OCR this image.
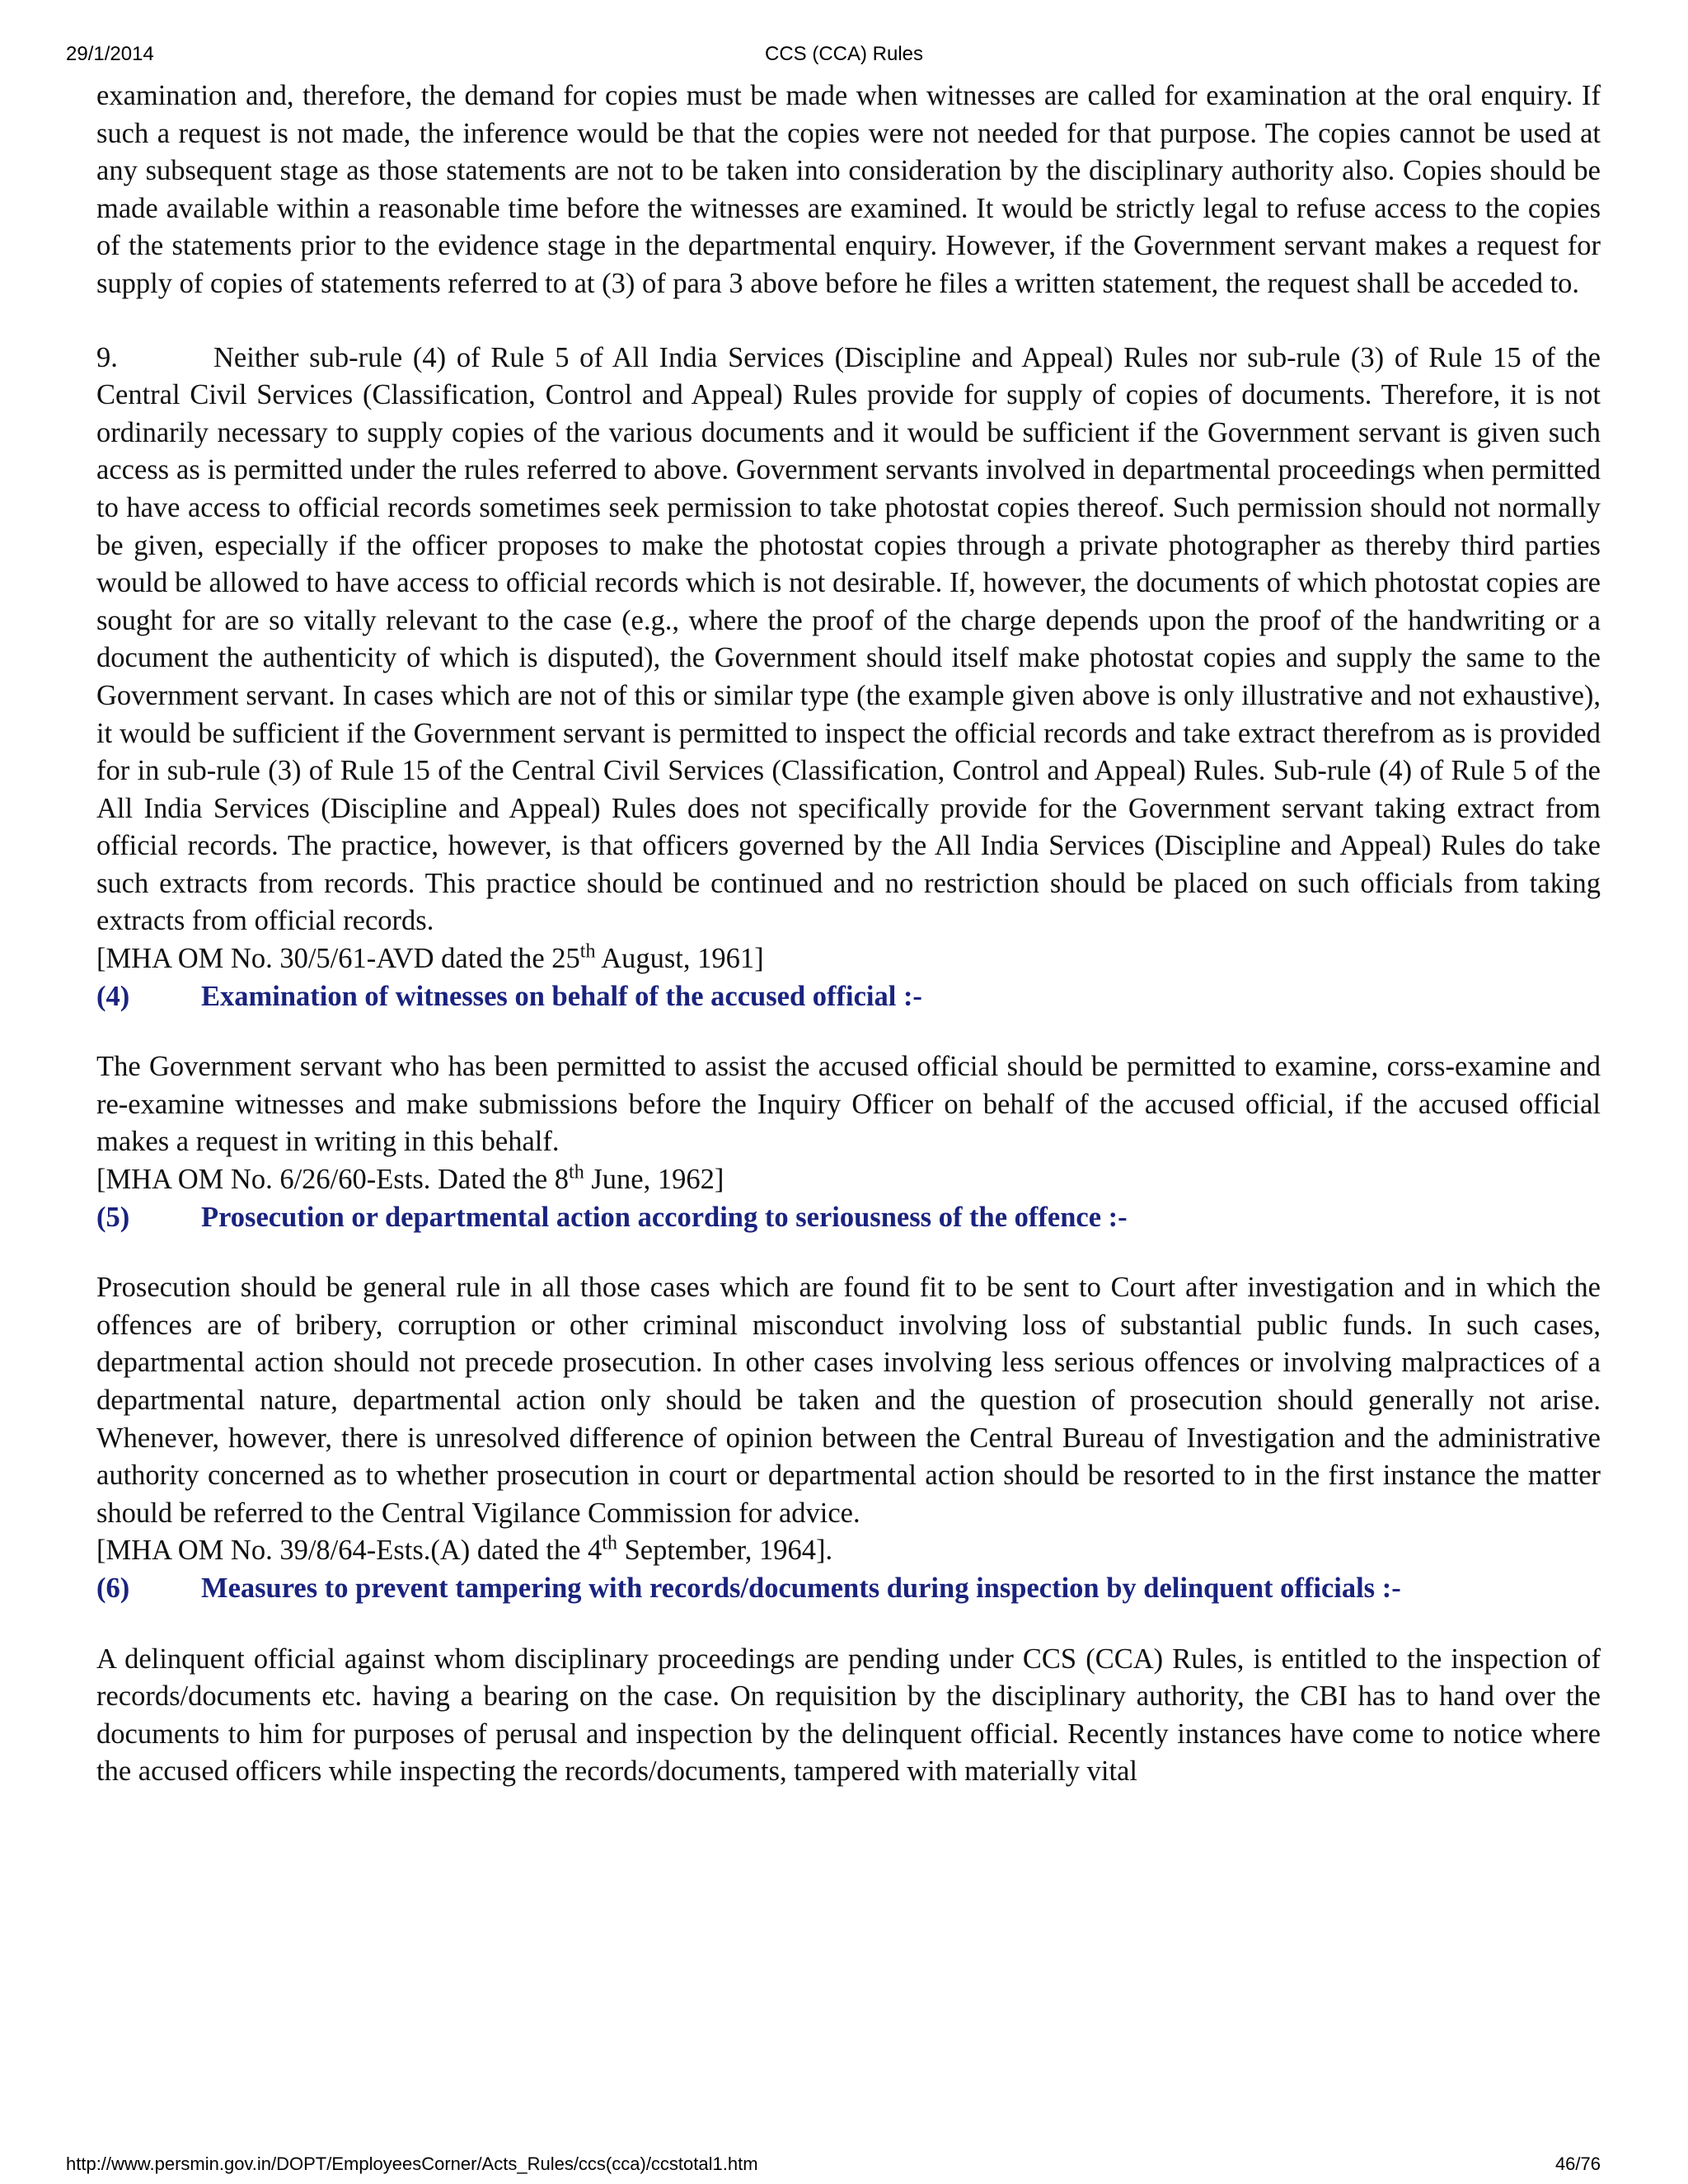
29/1/2014	CCS (CCA) Rules

examination and, therefore, the demand for copies must be made when witnesses are called for examination at the oral enquiry. If such a request is not made, the inference would be that the copies were not needed for that purpose. The copies cannot be used at any subsequent stage as those statements are not to be taken into consideration by the disciplinary authority also. Copies should be made available within a reasonable time before the witnesses are examined. It would be strictly legal to refuse access to the copies of the statements prior to the evidence stage in the departmental enquiry. However, if the Government servant makes a request for supply of copies of statements referred to at (3) of para 3 above before he files a written statement, the request shall be acceded to.

9.	Neither sub-rule (4) of Rule 5 of All India Services (Discipline and Appeal) Rules nor sub-rule (3) of Rule 15 of the Central Civil Services (Classification, Control and Appeal) Rules provide for supply of copies of documents. Therefore, it is not ordinarily necessary to supply copies of the various documents and it would be sufficient if the Government servant is given such access as is permitted under the rules referred to above. Government servants involved in departmental proceedings when permitted to have access to official records sometimes seek permission to take photostat copies thereof. Such permission should not normally be given, especially if the officer proposes to make the photostat copies through a private photographer as thereby third parties would be allowed to have access to official records which is not desirable. If, however, the documents of which photostat copies are sought for are so vitally relevant to the case (e.g., where the proof of the charge depends upon the proof of the handwriting or a document the authenticity of which is disputed), the Government should itself make photostat copies and supply the same to the Government servant. In cases which are not of this or similar type (the example given above is only illustrative and not exhaustive), it would be sufficient if the Government servant is permitted to inspect the official records and take extract therefrom as is provided for in sub-rule (3) of Rule 15 of the Central Civil Services (Classification, Control and Appeal) Rules. Sub-rule (4) of Rule 5 of the All India Services (Discipline and Appeal) Rules does not specifically provide for the Government servant taking extract from official records. The practice, however, is that officers governed by the All India Services (Discipline and Appeal) Rules do take such extracts from records. This practice should be continued and no restriction should be placed on such officials from taking extracts from official records.

[MHA OM No. 30/5/61-AVD dated the 25th August, 1961]

(4)	Examination of witnesses on behalf of the accused official :-

The Government servant who has been permitted to assist the accused official should be permitted to examine, corss-examine and re-examine witnesses and make submissions before the Inquiry Officer on behalf of the accused official, if the accused official makes a request in writing in this behalf.

[MHA OM No. 6/26/60-Ests. Dated the 8th June, 1962]

(5)	Prosecution or departmental action according to seriousness of the offence :-

Prosecution should be general rule in all those cases which are found fit to be sent to Court after investigation and in which the offences are of bribery, corruption or other criminal misconduct involving loss of substantial public funds. In such cases, departmental action should not precede prosecution. In other cases involving less serious offences or involving malpractices of a departmental nature, departmental action only should be taken and the question of prosecution should generally not arise. Whenever, however, there is unresolved difference of opinion between the Central Bureau of Investigation and the administrative authority concerned as to whether prosecution in court or departmental action should be resorted to in the first instance the matter should be referred to the Central Vigilance Commission for advice.

[MHA OM No. 39/8/64-Ests.(A) dated the 4th September, 1964].

(6)	Measures to prevent tampering with records/documents during inspection by delinquent officials :-

A delinquent official against whom disciplinary proceedings are pending under CCS (CCA) Rules, is entitled to the inspection of records/documents etc. having a bearing on the case. On requisition by the disciplinary authority, the CBI has to hand over the documents to him for purposes of perusal and inspection by the delinquent official. Recently instances have come to notice where the accused officers while inspecting the records/documents, tampered with materially vital

http://www.persmin.gov.in/DOPT/EmployeesCorner/Acts_Rules/ccs(cca)/ccstotal1.htm	46/76
